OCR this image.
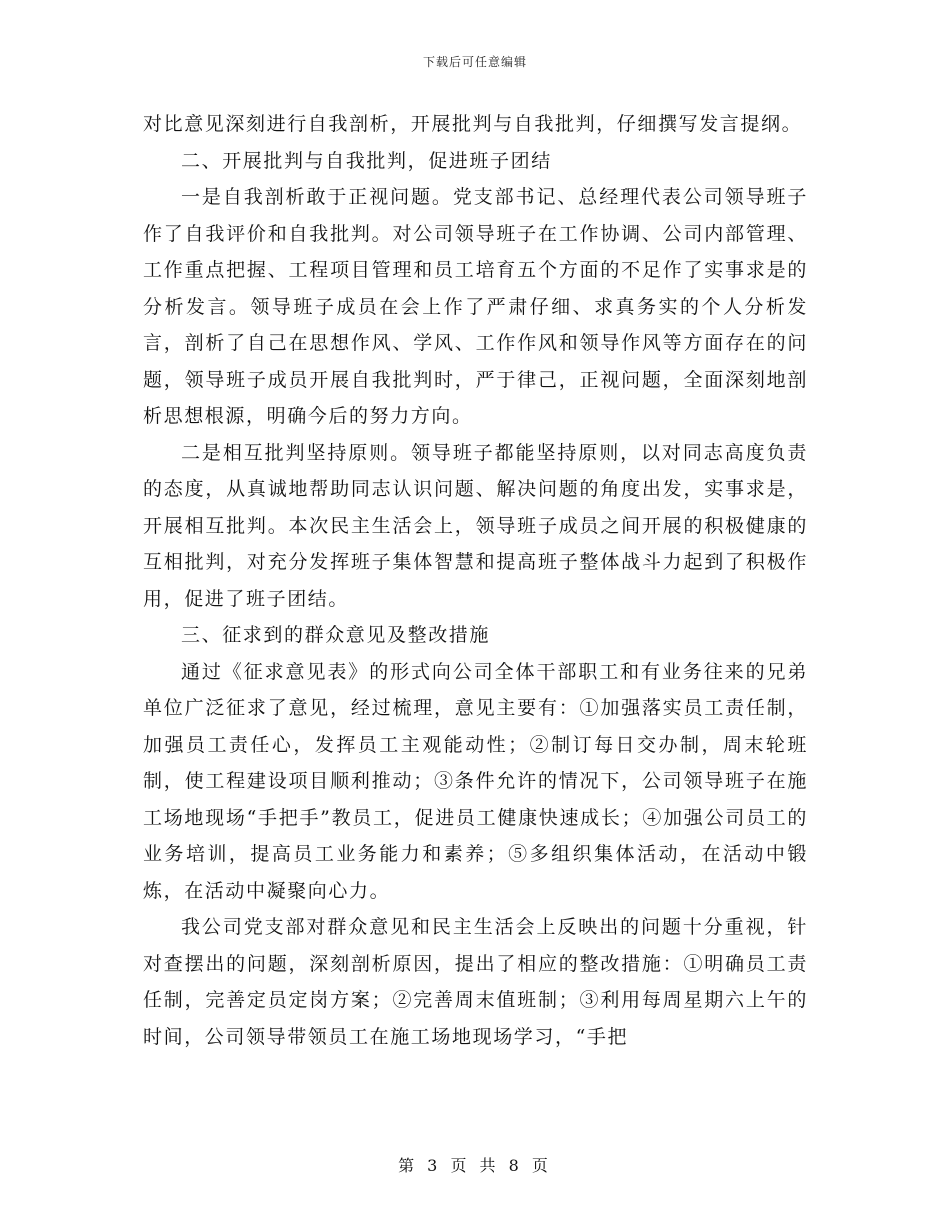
下载后可任意编辑

对比意见深刻进行自我剖析，开展批判与自我批判，仔细撰写发言提纲。

二、开展批判与自我批判，促进班子团结

一是自我剖析敢于正视问题。党支部书记、总经理代表公司领导班子作了自我评价和自我批判。对公司领导班子在工作协调、公司内部管理、工作重点把握、工程项目管理和员工培育五个方面的不足作了实事求是的分析发言。领导班子成员在会上作了严肃仔细、求真务实的个人分析发言，剖析了自己在思想作风、学风、工作作风和领导作风等方面存在的问题，领导班子成员开展自我批判时，严于律己，正视问题，全面深刻地剖析思想根源，明确今后的努力方向。

二是相互批判坚持原则。领导班子都能坚持原则，以对同志高度负责的态度，从真诚地帮助同志认识问题、解决问题的角度出发，实事求是，开展相互批判。本次民主生活会上，领导班子成员之间开展的积极健康的互相批判，对充分发挥班子集体智慧和提高班子整体战斗力起到了积极作用，促进了班子团结。

三、征求到的群众意见及整改措施

通过《征求意见表》的形式向公司全体干部职工和有业务往来的兄弟单位广泛征求了意见，经过梳理，意见主要有：①加强落实员工责任制，加强员工责任心，发挥员工主观能动性；②制订每日交办制，周末轮班制，使工程建设项目顺利推动；③条件允许的情况下，公司领导班子在施工场地现场“手把手”教员工，促进员工健康快速成长；④加强公司员工的业务培训，提高员工业务能力和素养；⑤多组织集体活动，在活动中锻炼，在活动中凝聚向心力。

我公司党支部对群众意见和民主生活会上反映出的问题十分重视，针对查摆出的问题，深刻剖析原因，提出了相应的整改措施：①明确员工责任制，完善定员定岗方案；②完善周末值班制；③利用每周星期六上午的时间，公司领导带领员工在施工场地现场学习，“手把

第 3 页 共 8 页
